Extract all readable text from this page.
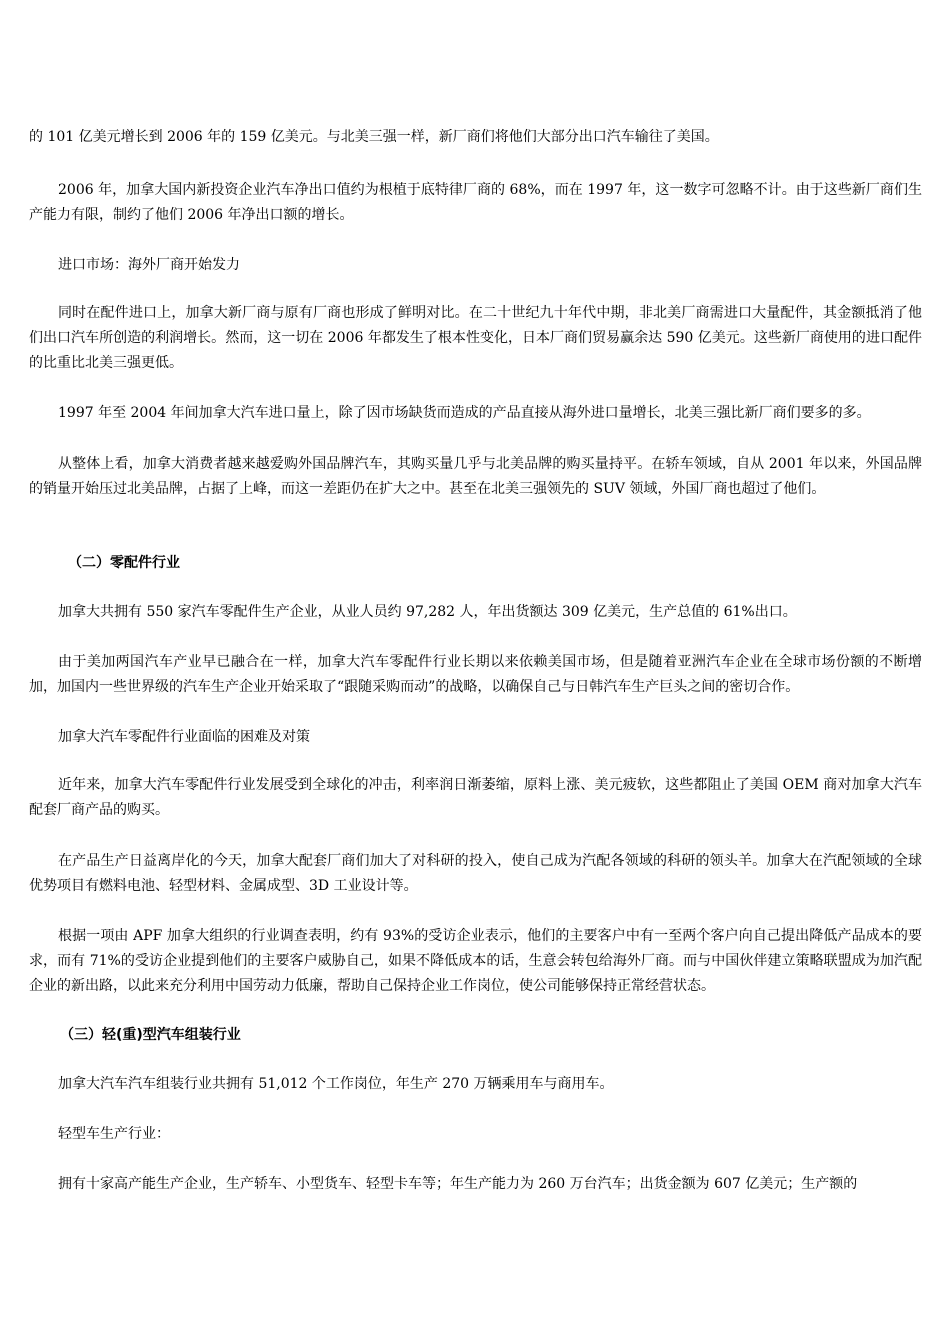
的 101 亿美元增长到 2006 年的 159 亿美元。与北美三强一样，新厂商们将他们大部分出口汽车输往了美国。

2006 年，加拿大国内新投资企业汽车净出口值约为根植于底特律厂商的 68%，而在 1997 年，这一数字可忽略不计。由于这些新厂商们生产能力有限，制约了他们 2006 年净出口额的增长。

进口市场：海外厂商开始发力

同时在配件进口上，加拿大新厂商与原有厂商也形成了鲜明对比。在二十世纪九十年代中期，非北美厂商需进口大量配件，其金额抵消了他们出口汽车所创造的利润增长。然而，这一切在 2006 年都发生了根本性变化，日本厂商们贸易赢余达 590 亿美元。这些新厂商使用的进口配件的比重比北美三强更低。

1997 年至 2004 年间加拿大汽车进口量上，除了因市场缺货而造成的产品直接从海外进口量增长，北美三强比新厂商们要多的多。

从整体上看，加拿大消费者越来越爱购外国品牌汽车，其购买量几乎与北美品牌的购买量持平。在轿车领域，自从 2001 年以来，外国品牌的销量开始压过北美品牌，占据了上峰，而这一差距仍在扩大之中。甚至在北美三强领先的 SUV 领域，外国厂商也超过了他们。

（二）零配件行业

加拿大共拥有 550 家汽车零配件生产企业，从业人员约 97,282 人，年出货额达 309 亿美元，生产总值的 61%出口。

由于美加两国汽车产业早已融合在一样，加拿大汽车零配件行业长期以来依赖美国市场，但是随着亚洲汽车企业在全球市场份额的不断增加，加国内一些世界级的汽车生产企业开始采取了“跟随采购而动”的战略，以确保自己与日韩汽车生产巨头之间的密切合作。

加拿大汽车零配件行业面临的困难及对策

近年来，加拿大汽车零配件行业发展受到全球化的冲击，利率润日渐萎缩，原料上涨、美元疲软，这些都阻止了美国 OEM 商对加拿大汽车配套厂商产品的购买。

在产品生产日益离岸化的今天，加拿大配套厂商们加大了对科研的投入，使自己成为汽配各领域的科研的领头羊。加拿大在汽配领域的全球优势项目有燃料电池、轻型材料、金属成型、3D 工业设计等。

根据一项由 APF 加拿大组织的行业调查表明，约有 93%的受访企业表示，他们的主要客户中有一至两个客户向自己提出降低产品成本的要求，而有 71%的受访企业提到他们的主要客户威胁自己，如果不降低成本的话，生意会转包给海外厂商。而与中国伙伴建立策略联盟成为加汽配企业的新出路，以此来充分利用中国劳动力低廉，帮助自己保持企业工作岗位，使公司能够保持正常经营状态。

（三）轻(重)型汽车组装行业

加拿大汽车汽车组装行业共拥有 51,012 个工作岗位，年生产 270 万辆乘用车与商用车。

轻型车生产行业：

拥有十家高产能生产企业，生产轿车、小型货车、轻型卡车等；年生产能力为 260 万台汽车；出货金额为 607 亿美元；生产额的
